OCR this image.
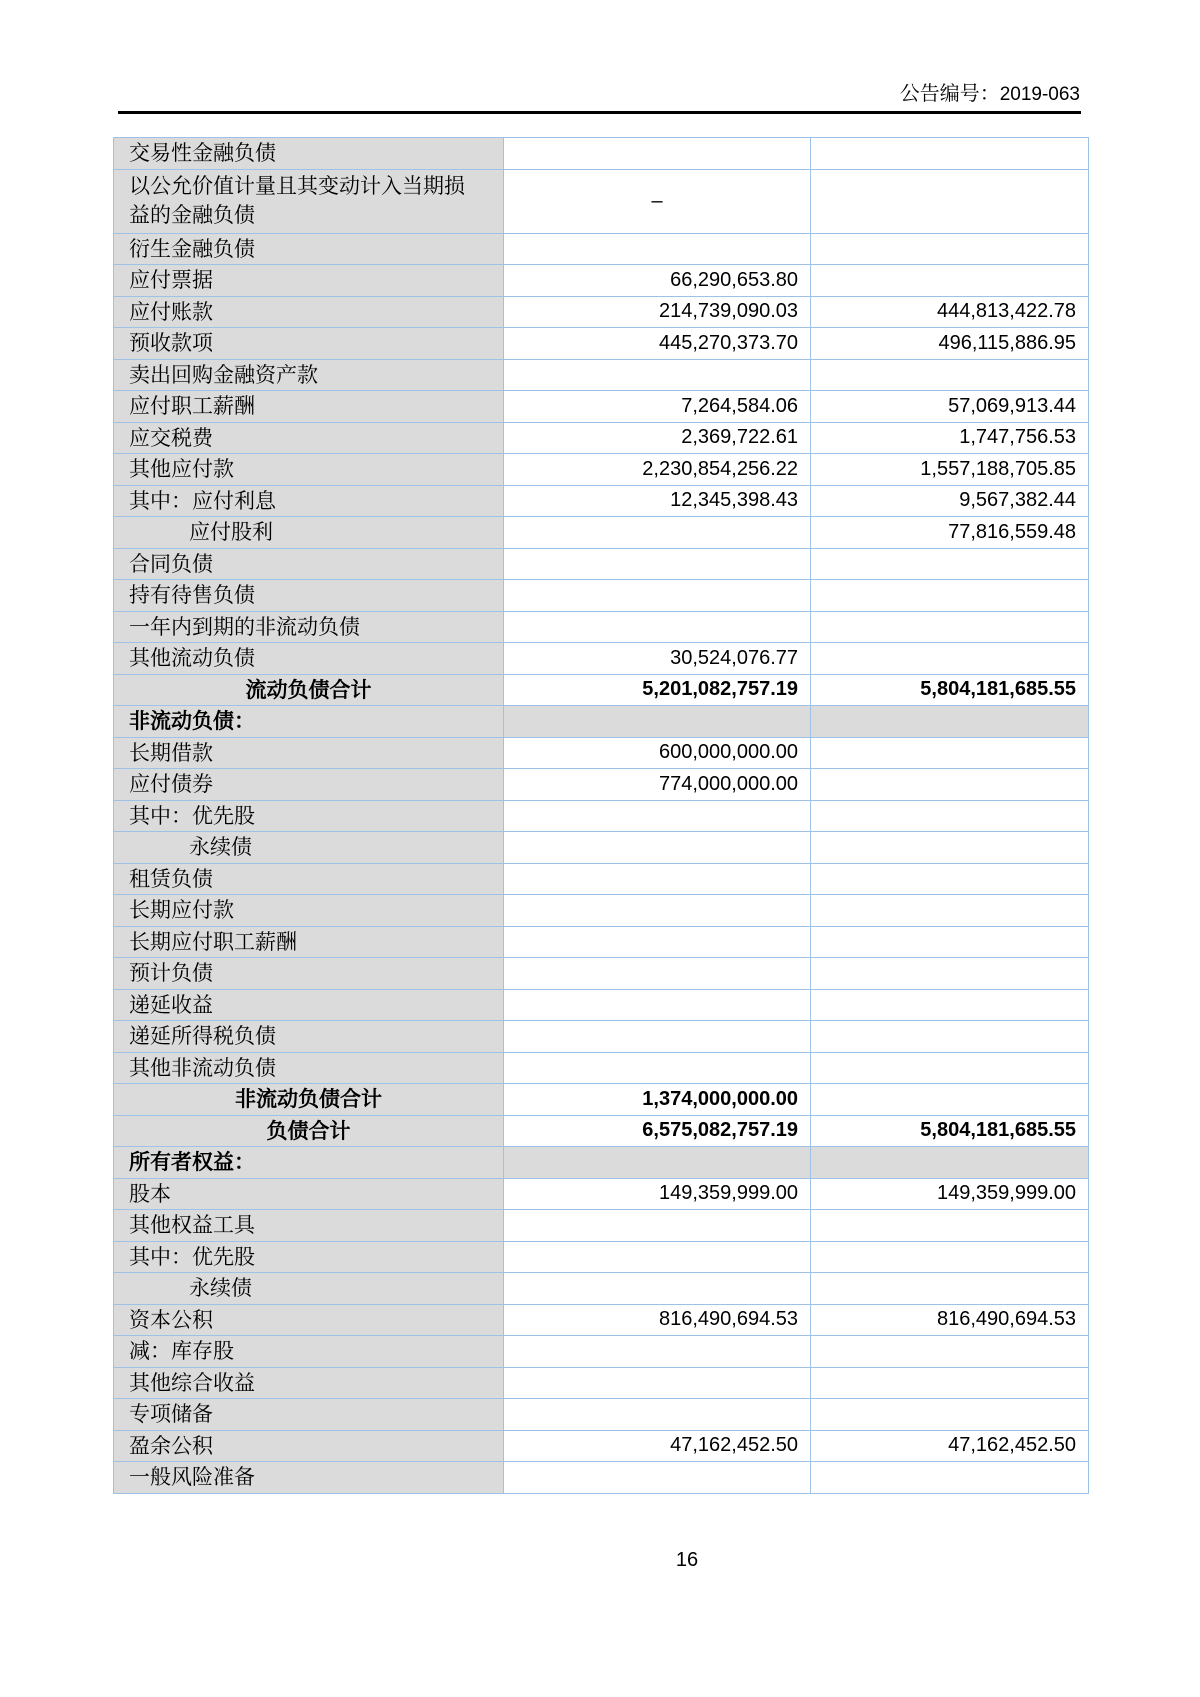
公告编号：2019-063
交易性金融负债		
以公允价值计量且其变动计入当期损益的金融负债	–	
衍生金融负债		
应付票据	66,290,653.80	
应付账款	214,739,090.03	444,813,422.78
预收款项	445,270,373.70	496,115,886.95
卖出回购金融资产款		
应付职工薪酬	7,264,584.06	57,069,913.44
应交税费	2,369,722.61	1,747,756.53
其他应付款	2,230,854,256.22	1,557,188,705.85
其中：应付利息	12,345,398.43	9,567,382.44
应付股利		77,816,559.48
合同负债		
持有待售负债		
一年内到期的非流动负债		
其他流动负债	30,524,076.77	
流动负债合计	5,201,082,757.19	5,804,181,685.55
非流动负债：		
长期借款	600,000,000.00	
应付债券	774,000,000.00	
其中：优先股		
永续债		
租赁负债		
长期应付款		
长期应付职工薪酬		
预计负债		
递延收益		
递延所得税负债		
其他非流动负债		
非流动负债合计	1,374,000,000.00	
负债合计	6,575,082,757.19	5,804,181,685.55
所有者权益：		
股本	149,359,999.00	149,359,999.00
其他权益工具		
其中：优先股		
永续债		
资本公积	816,490,694.53	816,490,694.53
减：库存股		
其他综合收益		
专项储备		
盈余公积	47,162,452.50	47,162,452.50
一般风险准备		
16
